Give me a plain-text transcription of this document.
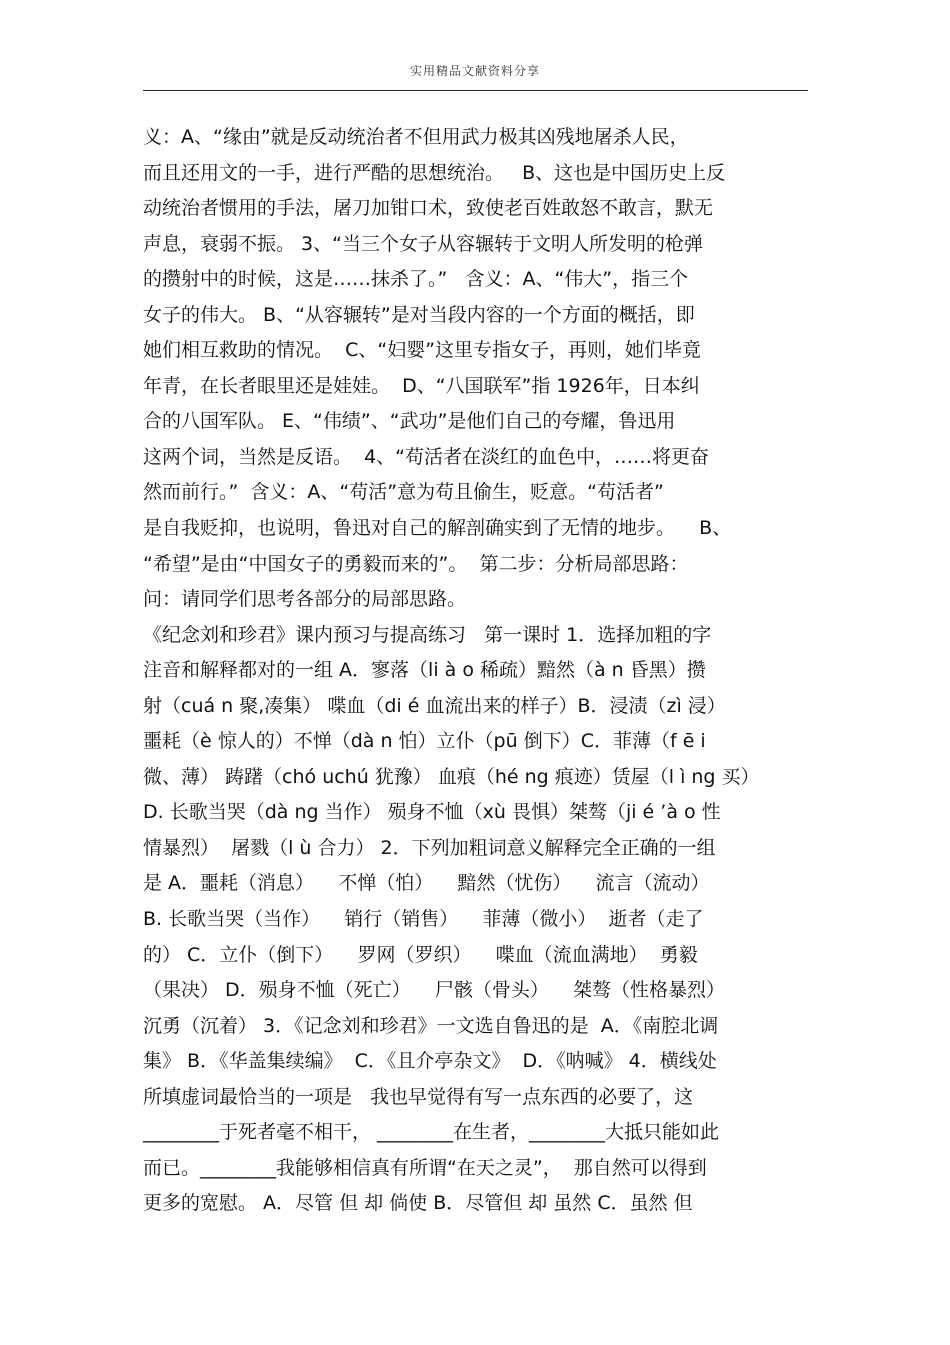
实用精品文献资料分享
义：A、“缘由”就是反动统治者不但用武力极其凶残地屠杀人民，
而且还用文的一手，进行严酷的思想统治。   B、这也是中国历史上反
动统治者惯用的手法，屠刀加钳口术，致使老百姓敢怒不敢言，默无
声息，衰弱不振。 3、“当三个女子从容辗转于文明人所发明的枪弹
的攒射中的时候，这是……抹杀了。”   含义：A、“伟大”，指三个
女子的伟大。 B、“从容辗转”是对当段内容的一个方面的概括，即
她们相互救助的情况。  C、“妇婴”这里专指女子，再则，她们毕竟
年青，在长者眼里还是娃娃。  D、“八国联军”指 1926年，日本纠
合的八国军队。 E、“伟绩”、“武功”是他们自己的夸耀，鲁迅用
这两个词，当然是反语。  4、“苟活者在淡红的血色中，……将更奋
然而前行。”  含义：A、“苟活”意为苟且偷生，贬意。“苟活者”
是自我贬抑，也说明，鲁迅对自己的解剖确实到了无情的地步。    B、
“希望”是由“中国女子的勇毅而来的”。  第二步：分析局部思路：
问：请同学们思考各部分的局部思路。
《纪念刘和珍君》课内预习与提高练习   第一课时 1．选择加粗的字
注音和解释都对的一组 A．寥落（li à o 稀疏）黯然（à n 昏黑）攒
射（cuá n 聚,凑集） 喋血（di é 血流出来的样子）B．浸渍（zì 浸）
噩耗（è 惊人的）不惮（dà n 怕）立仆（pū 倒下）C．菲薄（f ē i
微、薄） 踌躇（chó uchú 犹豫） 血痕（hé ng 痕迹）赁屋（l ì ng 买）
D. 长歌当哭（dà ng 当作） 殒身不恤（xù 畏惧）桀骜（ji é ’à o 性
情暴烈）  屠戮（l ù 合力） 2．下列加粗词意义解释完全正确的一组
是 A．噩耗（消息）    不惮（怕）    黯然（忧伤）    流言（流动）
B. 长歌当哭（当作）    销行（销售）    菲薄（微小）  逝者（走了
的） C．立仆（倒下）    罗网（罗织）    喋血（流血满地）  勇毅
（果决） D．殒身不恤（死亡）    尸骸（骨头）    桀骜（性格暴烈）
沉勇（沉着） 3．《记念刘和珍君》一文选自鲁迅的是  A．《南腔北调
集》 B．《华盖集续编》  C．《且介亭杂文》  D．《呐喊》 4．横线处
所填虚词最恰当的一项是   我也早觉得有写一点东西的必要了，这
________于死者毫不相干， ________在生者，________大抵只能如此
而已。________我能够相信真有所谓“在天之灵”，  那自然可以得到
更多的宽慰。 A．尽管 但 却 倘使 B．尽管但 却 虽然 C．虽然 但
